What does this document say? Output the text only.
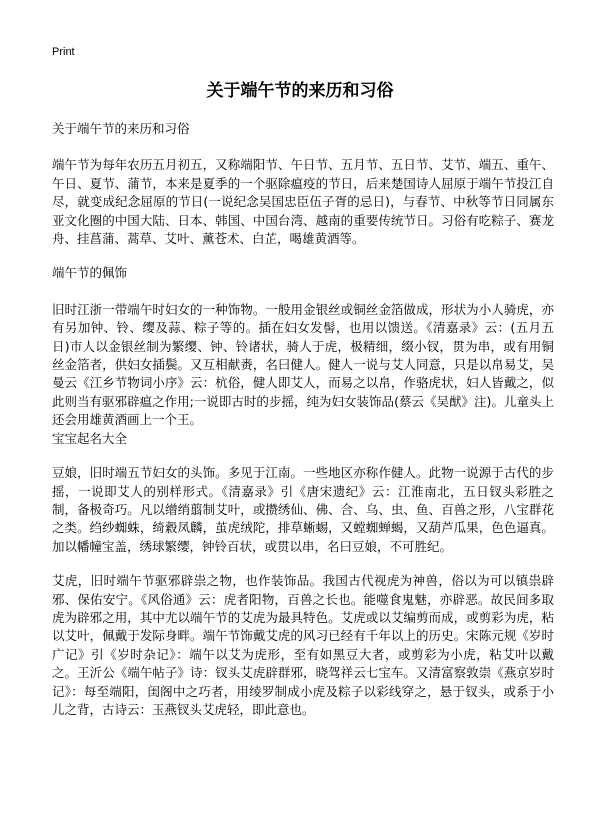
Print
关于端午节的来历和习俗

关于端午节的来历和习俗

端午节为每年农历五月初五，又称端阳节、午日节、五月节、五日节、艾节、端五、重午、午日、夏节、蒲节，本来是夏季的一个驱除瘟疫的节日，后来楚国诗人屈原于端午节投江自尽，就变成纪念屈原的节日(一说纪念吴国忠臣伍子胥的忌日)，与春节、中秋等节日同属东亚文化圈的中国大陆、日本、韩国、中国台湾、越南的重要传统节日。习俗有吃粽子、赛龙舟、挂菖蒲、蒿草、艾叶、薰苍术、白芷，喝雄黄酒等。

端午节的佩饰

旧时江浙一带端午时妇女的一种饰物。一般用金银丝或铜丝金箔做成，形状为小人骑虎，亦有另加钟、铃、缨及蒜、粽子等的。插在妇女发髻，也用以馈送。《清嘉录》云：(五月五日)市人以金银丝制为繁缨、钟、铃诸状，骑人于虎，极精细，缀小钗，贯为串，或有用铜丝金箔者，供妇女插鬓。又互相献赉，名曰健人。健人一说与艾人同意，只是以帛易艾，吴曼云《江乡节物词小序》云：杭俗，健人即艾人，而易之以帛，作骆虎状，妇人皆戴之，似此则当有驱邪辟瘟之作用;一说即古时的步摇，纯为妇女装饰品(蔡云《吴猷》注)。儿童头上还会用雄黄酒画上一个王。

宝宝起名大全

豆娘，旧时端五节妇女的头饰。多见于江南。一些地区亦称作健人。此物一说源于古代的步摇，一说即艾人的别样形式。《清嘉录》引《唐宋遗纪》云：江淮南北，五日钗头彩胜之制，备极奇巧。凡以缯绡翦制艾叶，或攒绣仙、佛、合、乌、虫、鱼、百兽之形，八宝群花之类。绉纱蜘蛛，绮縠凤麟，茧虎绒陀，排草蜥蜴，又螳蜘蝉蝎，又葫芦瓜果，色色逼真。加以幡幢宝盖，绣球繁缨，钟铃百状，或贯以串，名曰豆娘，不可胜纪。

艾虎，旧时端午节驱邪辟祟之物，也作装饰品。我国古代视虎为神兽，俗以为可以镇祟辟邪、保佑安宁。《风俗通》云：虎者阳物，百兽之长也。能噬食鬼魅，亦辟恶。故民间多取虎为辟邪之用，其中尤以端午节的艾虎为最具特色。艾虎或以艾编剪而成，或剪彩为虎，粘以艾叶，佩戴于发际身畔。端午节饰戴艾虎的风习已经有千年以上的历史。宋陈元规《岁时广记》引《岁时杂记》：端午以艾为虎形，至有如黑豆大者，或剪彩为小虎，粘艾叶以戴之。王沂公《端午帖子》诗：钗头艾虎辟群邪，晓驾祥云七宝车。又清富察敦崇《燕京岁时记》：每至端阳，闺阁中之巧者，用绫罗制成小虎及粽子以彩线穿之，悬于钗头，或系于小儿之背，古诗云：玉燕钗头艾虎轻，即此意也。
